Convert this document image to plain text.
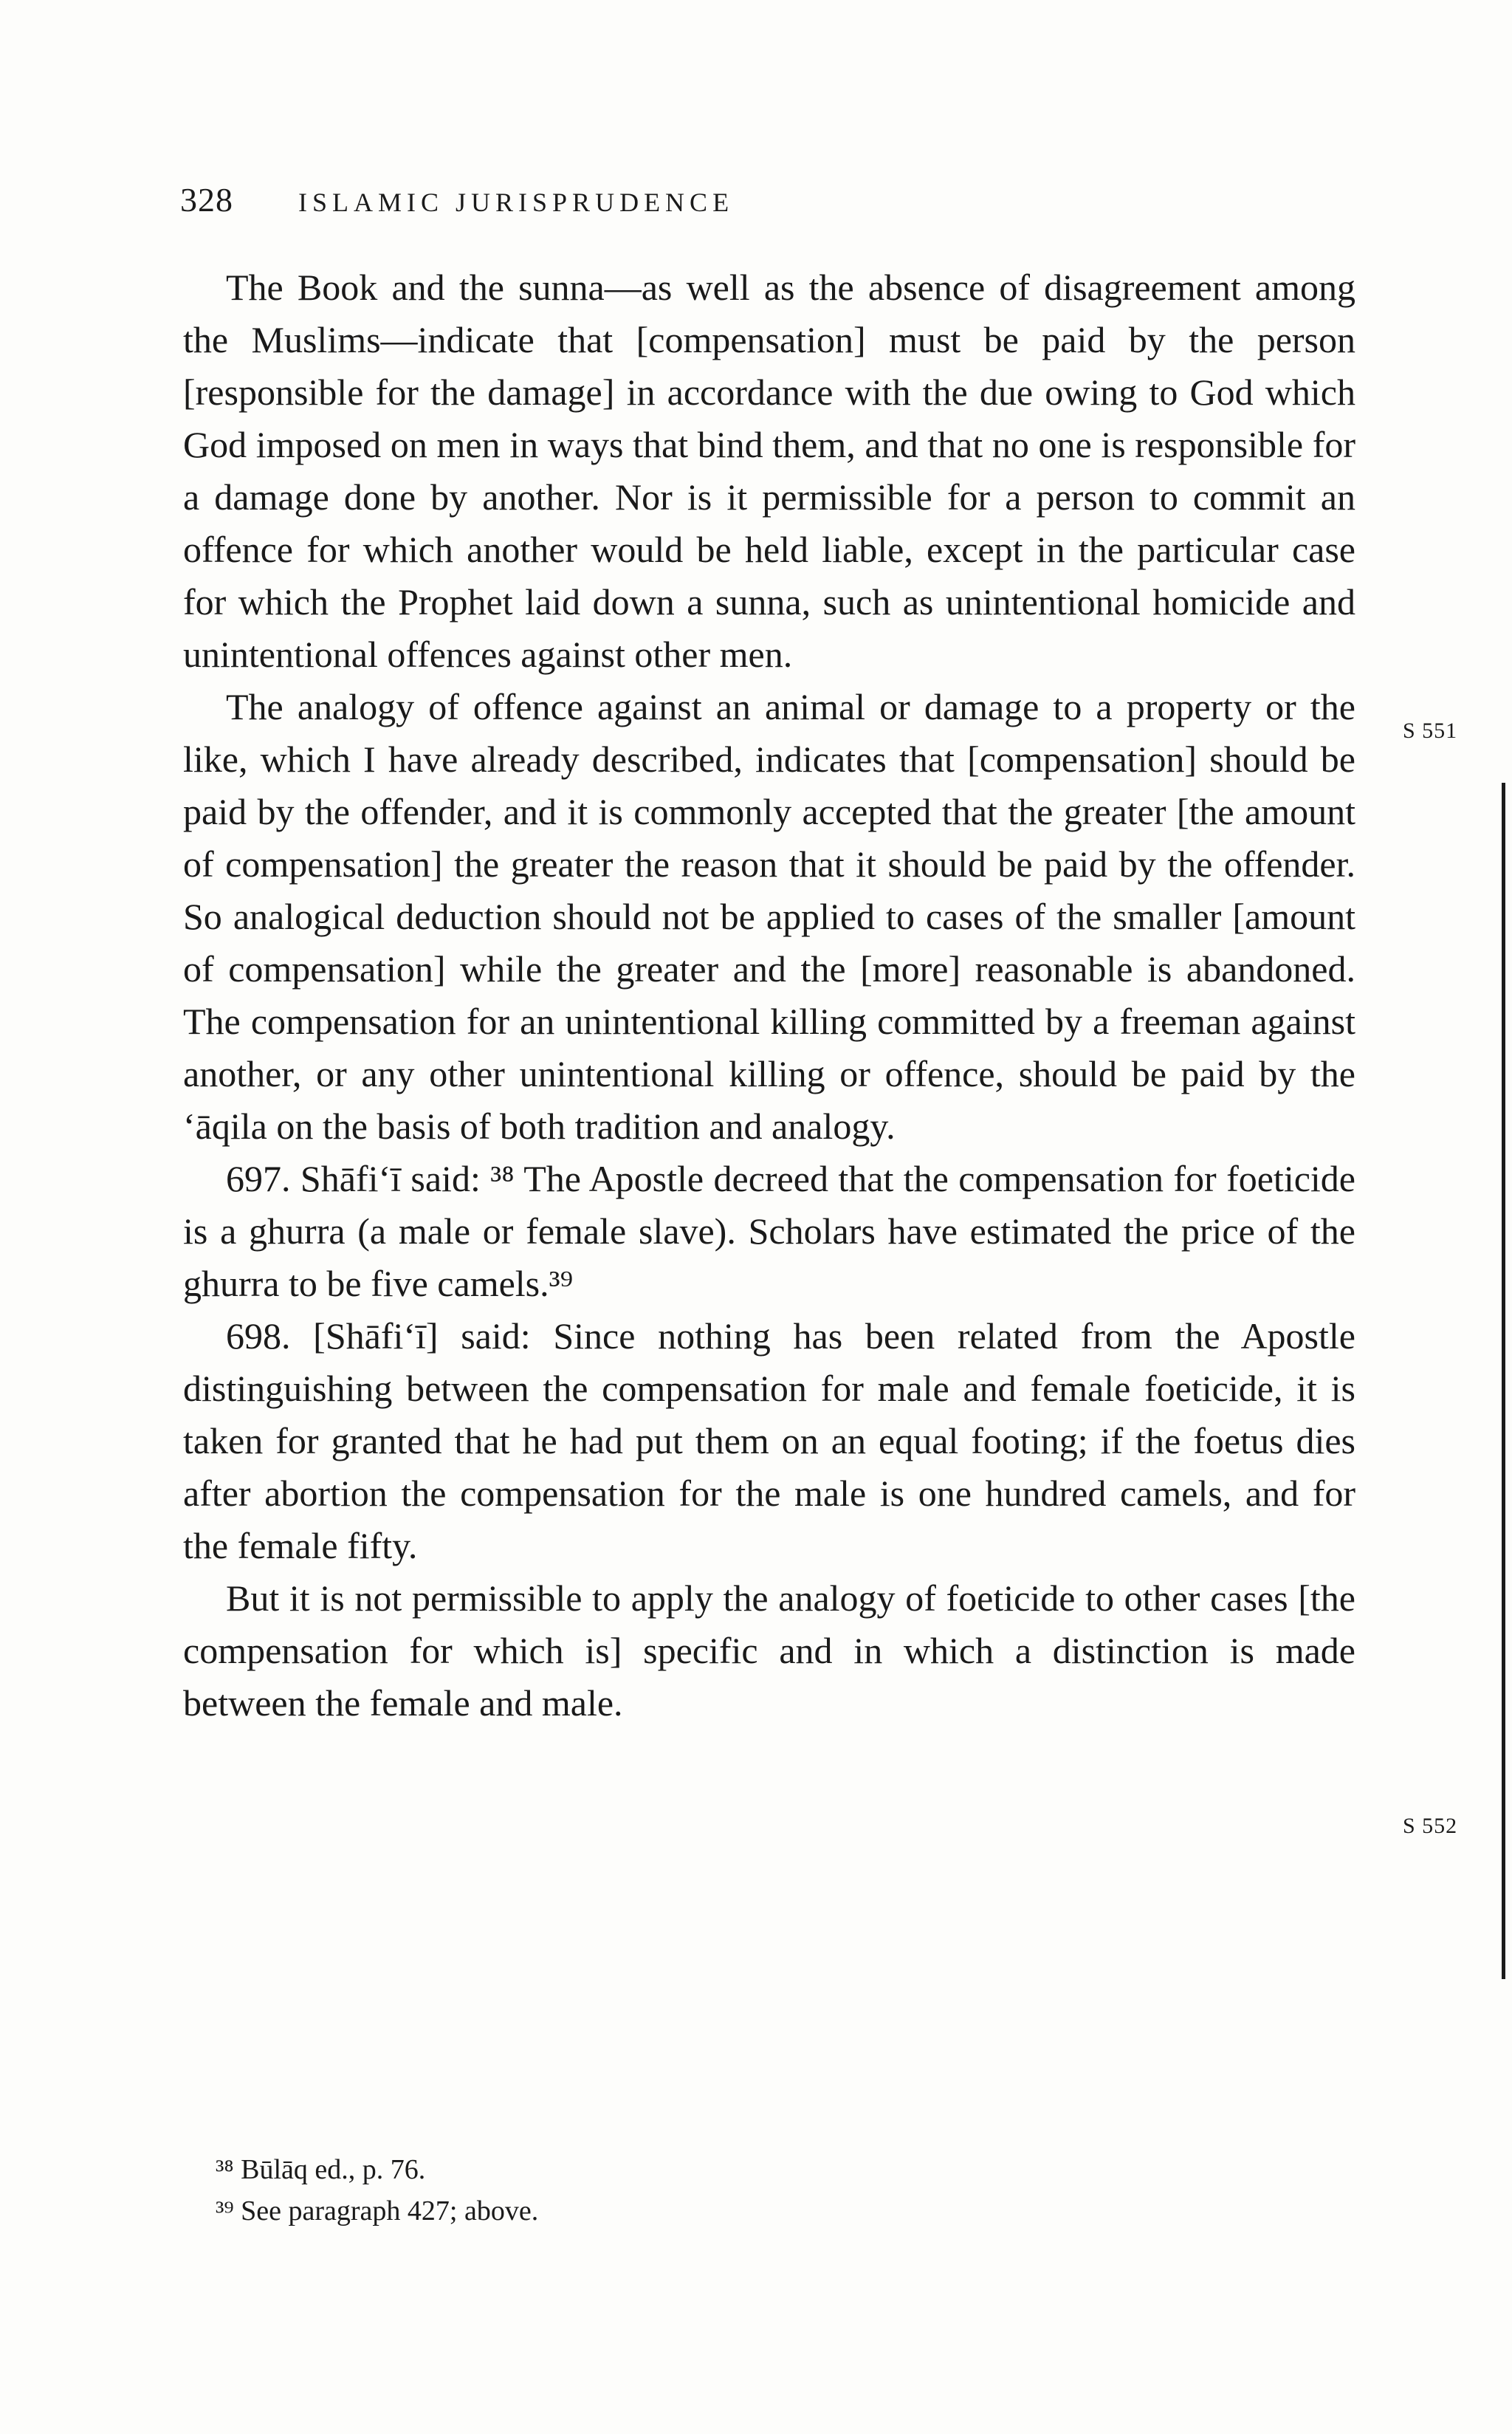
328	ISLAMIC JURISPRUDENCE

The Book and the sunna—as well as the absence of disagreement among the Muslims—indicate that [compensation] must be paid by the person [responsible for the damage] in accordance with the due owing to God which God imposed on men in ways that bind them, and that no one is responsible for a damage done by another. Nor is it permissible for a person to commit an offence for which another would be held liable, except in the particular case for which the Prophet laid down a sunna, such as unintentional homicide and unintentional offences against other men.

The analogy of offence against an animal or damage to a property or the like, which I have already described, indicates that [compensation] should be paid by the offender, and it is commonly accepted that the greater [the amount of compensation] the greater the reason that it should be paid by the offender. So analogical deduction should not be applied to cases of the smaller [amount of compensation] while the greater and the [more] reasonable is abandoned. The compensation for an unintentional killing committed by a freeman against another, or any other unintentional killing or offence, should be paid by the ‘āqila on the basis of both tradition and analogy.

697. Shāfi‘ī said: ³⁸ The Apostle decreed that the compensation for foeticide is a ghurra (a male or female slave). Scholars have estimated the price of the ghurra to be five camels.³⁹

698. [Shāfi‘ī] said: Since nothing has been related from the Apostle distinguishing between the compensation for male and female foeticide, it is taken for granted that he had put them on an equal footing; if the foetus dies after abortion the compensation for the male is one hundred camels, and for the female fifty.

But it is not permissible to apply the analogy of foeticide to other cases [the compensation for which is] specific and in which a distinction is made between the female and male.

S 551
S 552

³⁸ Būlāq ed., p. 76.

³⁹ See paragraph 427; above.
